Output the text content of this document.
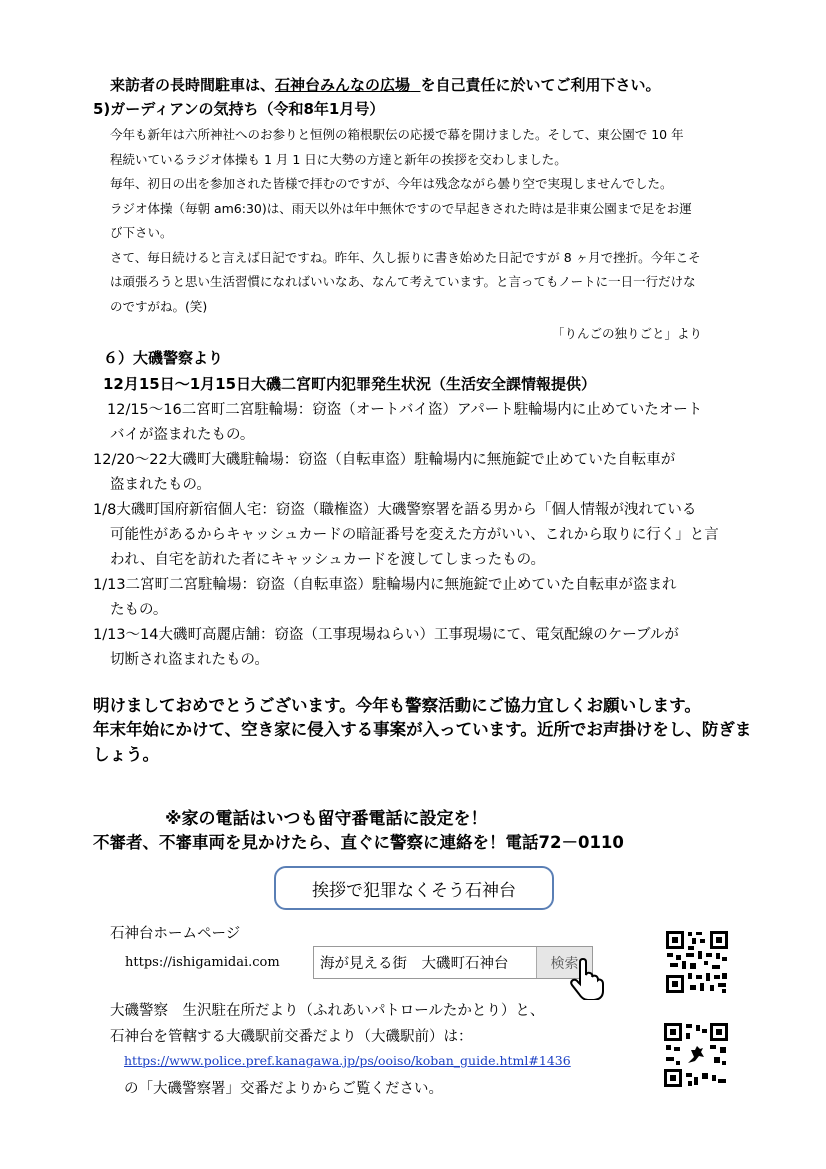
来訪者の長時間駐車は、石神台みんなの広場 を自己責任に於いてご利用下さい。
5)ガーディアンの気持ち（令和8年1月号）
今年も新年は六所神社へのお参りと恒例の箱根駅伝の応援で幕を開けました。そして、東公園で 10 年
程続いているラジオ体操も 1 月 1 日に大勢の方達と新年の挨拶を交わしました。
毎年、初日の出を参加された皆様で拝むのですが、今年は残念ながら曇り空で実現しませんでした。
ラジオ体操（毎朝 am6:30)は、雨天以外は年中無休ですので早起きされた時は是非東公園まで足をお運
び下さい。
さて、毎日続けると言えば日記ですね。昨年、久し振りに書き始めた日記ですが 8 ヶ月で挫折。今年こそ
は頑張ろうと思い生活習慣になればいいなあ、なんて考えています。と言ってもノートに一日一行だけな
のですがね。(笑)
「りんごの独りごと」より
６）大磯警察より
12月15日～1月15日大磯二宮町内犯罪発生状況（生活安全課情報提供）
12/15～16二宮町二宮駐輪場：窃盗（オートバイ盗）アパート駐輪場内に止めていたオート
バイが盗まれたもの。
12/20～22大磯町大磯駐輪場：窃盗（自転車盗）駐輪場内に無施錠で止めていた自転車が
盗まれたもの。
1/8大磯町国府新宿個人宅：窃盗（職権盗）大磯警察署を語る男から「個人情報が洩れている
可能性があるからキャッシュカードの暗証番号を変えた方がいい、これから取りに行く」と言
われ、自宅を訪れた者にキャッシュカードを渡してしまったもの。
1/13二宮町二宮駐輪場：窃盗（自転車盗）駐輪場内に無施錠で止めていた自転車が盗まれ
たもの。
1/13～14大磯町高麗店舗：窃盗（工事現場ねらい）工事現場にて、電気配線のケーブルが
切断され盗まれたもの。
明けましておめでとうございます。今年も警察活動にご協力宜しくお願いします。
年末年始にかけて、空き家に侵入する事案が入っています。近所でお声掛けをし、防ぎましょう。
※家の電話はいつも留守番電話に設定を！
不審者、不審車両を見かけたら、直ぐに警察に連絡を！電話72－0110
挨拶で犯罪なくそう石神台
石神台ホームページ
https://ishigamidai.com	海が見える街　大磯町石神台	検索
大磯警察　生沢駐在所だより（ふれあいパトロールたかとり）と、
石神台を管轄する大磯駅前交番だより（大磯駅前）は：
https://www.police.pref.kanagawa.jp/ps/ooiso/koban_guide.html#1436
の「大磯警察署」交番だよりからご覧ください。
